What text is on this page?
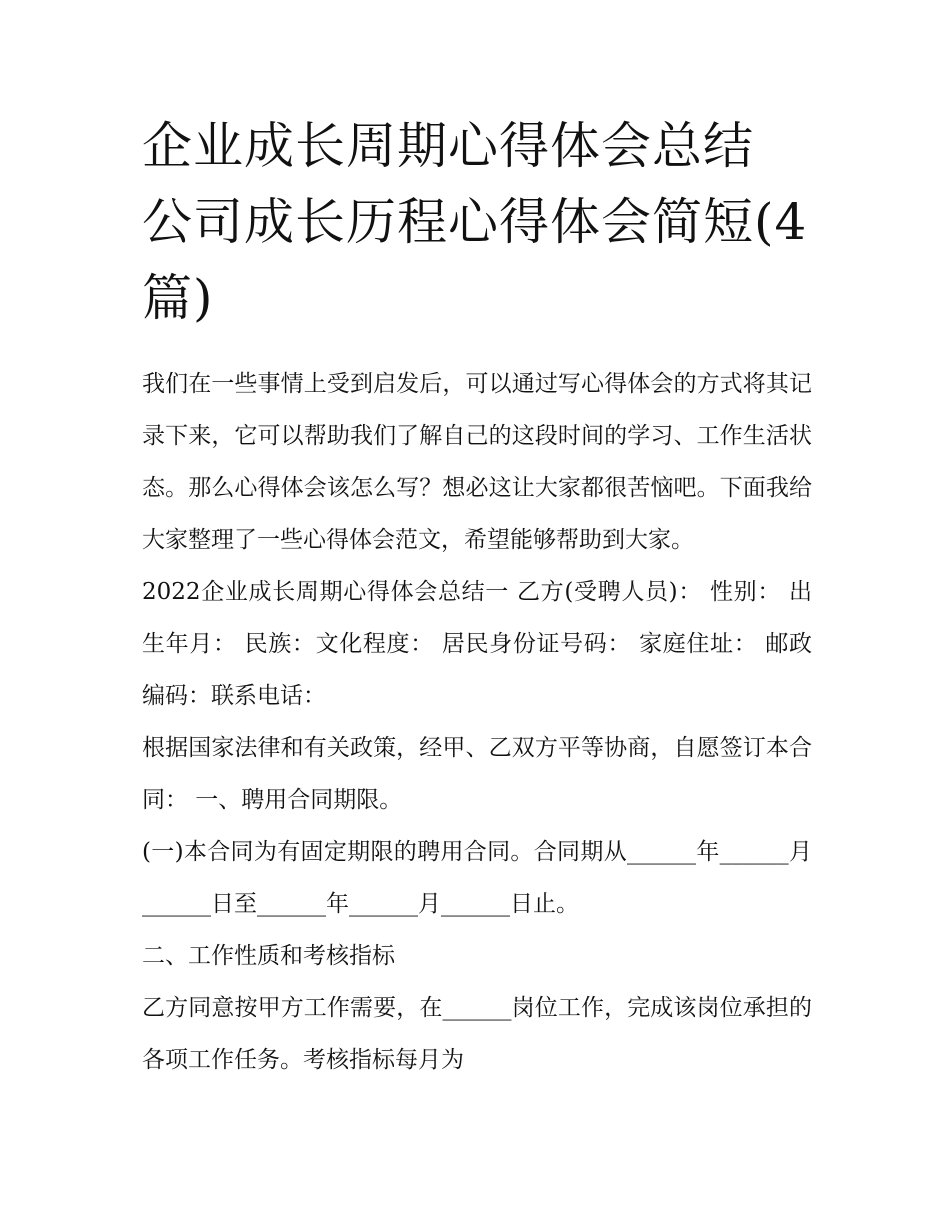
企业成长周期心得体会总结 公司成长历程心得体会简短(4篇)

我们在一些事情上受到启发后，可以通过写心得体会的方式将其记录下来，它可以帮助我们了解自己的这段时间的学习、工作生活状态。那么心得体会该怎么写？想必这让大家都很苦恼吧。下面我给大家整理了一些心得体会范文，希望能够帮助到大家。

2022企业成长周期心得体会总结一 乙方(受聘人员)： 性别： 出生年月： 民族：文化程度： 居民身份证号码： 家庭住址： 邮政编码：联系电话：

根据国家法律和有关政策，经甲、乙双方平等协商，自愿签订本合同： 一、聘用合同期限。

(一)本合同为有固定期限的聘用合同。合同期从______年______月______日至______年______月______日止。

二、工作性质和考核指标

乙方同意按甲方工作需要，在______岗位工作，完成该岗位承担的各项工作任务。考核指标每月为
